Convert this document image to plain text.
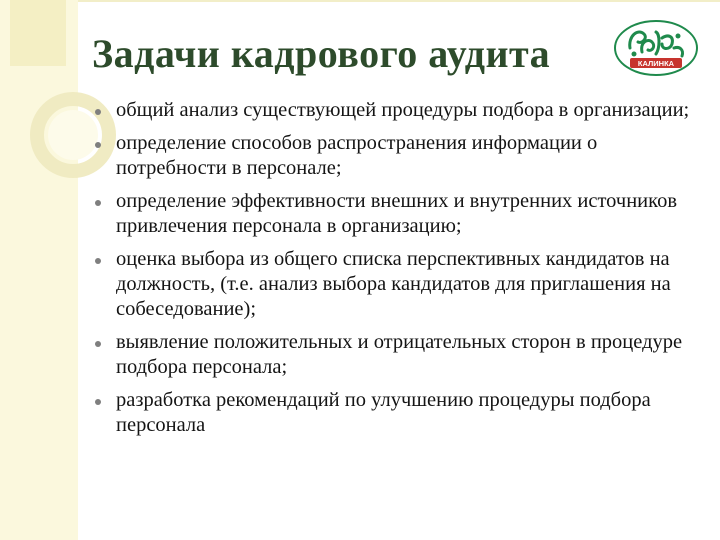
Задачи кадрового аудита	КАЛИНКА
общий анализ существующей процедуры подбора в организации;
определение способов распространения информации о потребности в персонале;
определение эффективности внешних и внутренних источников привлечения персонала в организацию;
оценка выбора из общего списка перспективных кандидатов на должность, (т.е. анализ выбора кандидатов для приглашения на собеседование);
выявление положительных и отрицательных сторон в процедуре подбора персонала;
разработка рекомендаций по улучшению процедуры подбора персонала
